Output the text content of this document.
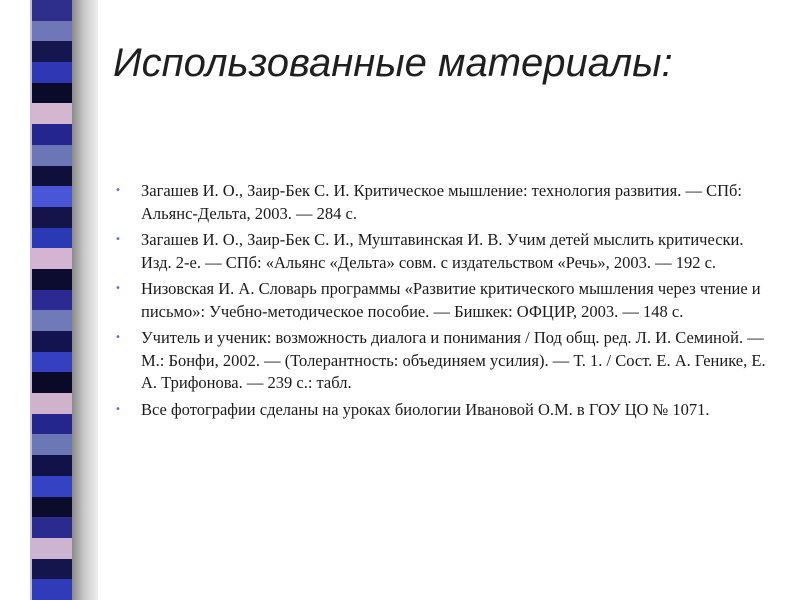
Использованные материалы:
• Загашев И. О., Заир-Бек С. И. Критическое мышление: технология развития. — СПб: Альянс-Дельта, 2003. — 284 с.
• Загашев И. О., Заир-Бек С. И., Муштавинская И. В. Учим детей мыслить критически. Изд. 2-е. — СПб: «Альянс «Дельта» совм. с издательством «Речь», 2003. — 192 с.
• Низовская И. А. Словарь программы «Развитие критического мышления через чтение и письмо»: Учебно-методическое пособие. — Бишкек: ОФЦИР, 2003. — 148 с.
• Учитель и ученик: возможность диалога и понимания / Под общ. ред. Л. И. Семиной. — М.: Бонфи, 2002. — (Толерантность: объединяем усилия). — Т. 1. / Сост. Е. А. Генике, Е. А. Трифонова. — 239 с.: табл.
• Все фотографии сделаны на уроках биологии Ивановой О.М. в ГОУ ЦО № 1071.
